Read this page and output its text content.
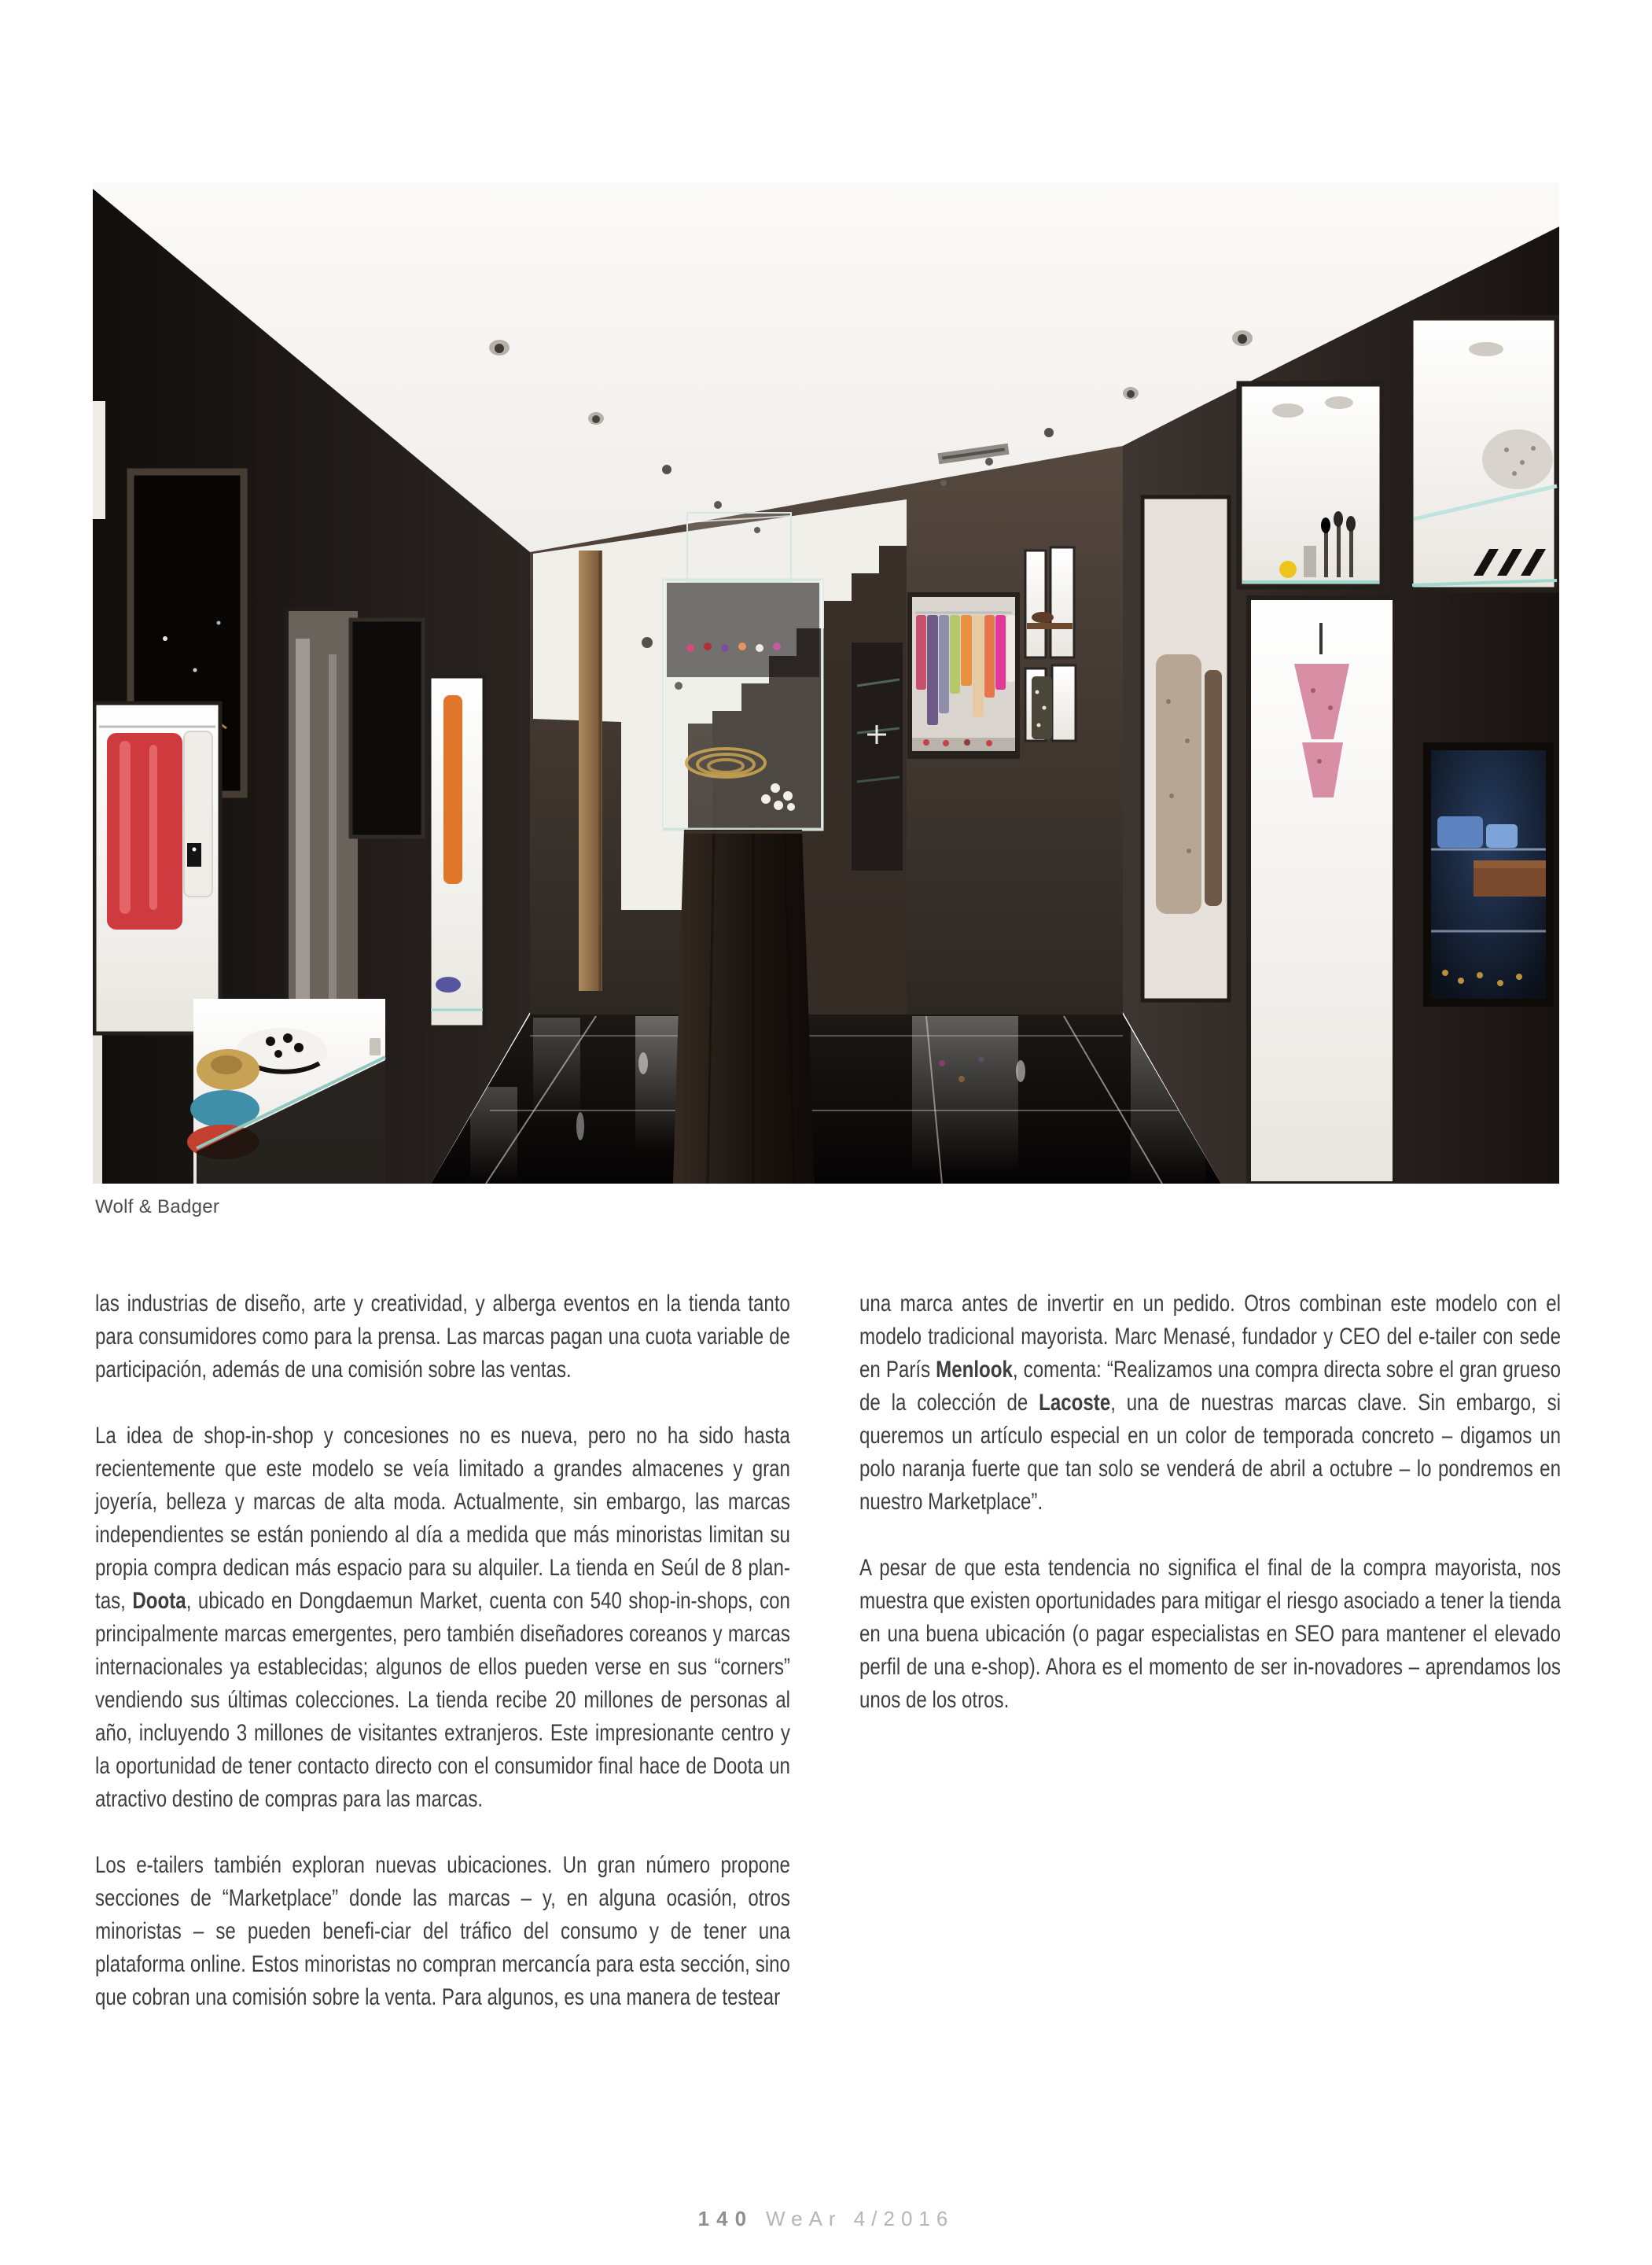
Wolf & Badger

las industrias de diseño, arte y creatividad, y alberga eventos en la tienda tanto para consumidores como para la prensa. Las marcas pagan una cuota variable de participación, además de una comisión sobre las ventas.

La idea de shop-in-shop y concesiones no es nueva, pero no ha sido hasta recientemente que este modelo se veía limitado a grandes almacenes y gran joyería, belleza y marcas de alta moda. Actualmente, sin embargo, las marcas independientes se están poniendo al día a medida que más minoristas limitan su propia compra dedican más espacio para su alquiler. La tienda en Seúl de 8 plan-tas, Doota, ubicado en Dongdaemun Market, cuenta con 540 shop-in-shops, con principalmente marcas emergentes, pero también diseñadores coreanos y marcas internacionales ya establecidas; algunos de ellos pueden verse en sus “corners” vendiendo sus últimas colecciones. La tienda recibe 20 millones de personas al año, incluyendo 3 millones de visitantes extranjeros. Este impresionante centro y la oportunidad de tener contacto directo con el consumidor final hace de Doota un atractivo destino de compras para las marcas.

Los e-tailers también exploran nuevas ubicaciones. Un gran número propone secciones de “Marketplace” donde las marcas – y, en alguna ocasión, otros minoristas – se pueden benefi-ciar del tráfico del consumo y de tener una plataforma online. Estos minoristas no compran mercancía para esta sección, sino que cobran una comisión sobre la venta. Para algunos, es una manera de testear

una marca antes de invertir en un pedido. Otros combinan este modelo con el modelo tradicional mayorista. Marc Menasé, fundador y CEO del e-tailer con sede en París Menlook, comenta: “Realizamos una compra directa sobre el gran grueso de la colección de Lacoste, una de nuestras marcas clave. Sin embargo, si queremos un artículo especial en un color de temporada concreto – digamos un polo naranja fuerte que tan solo se venderá de abril a octubre – lo pondremos en nuestro Marketplace”.

A pesar de que esta tendencia no significa el final de la compra mayorista, nos muestra que existen oportunidades para mitigar el riesgo asociado a tener la tienda en una buena ubicación (o pagar especialistas en SEO para mantener el elevado perfil de una e-shop). Ahora es el momento de ser in-novadores – aprendamos los unos de los otros.

140 WeAr 4/2016
